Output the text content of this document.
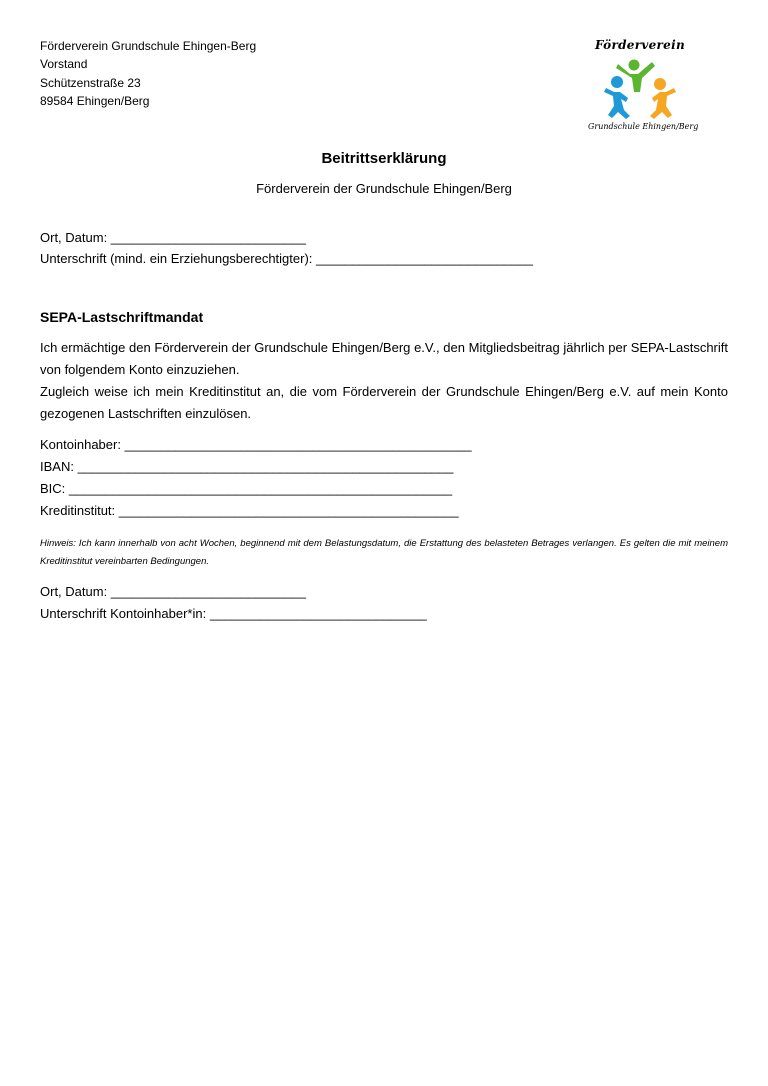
Förderverein Grundschule Ehingen-Berg
Vorstand
Schützenstraße 23
89584 Ehingen/Berg
Förderverein
Grundschule Ehingen/Berg
Beitrittserklärung
Förderverein der Grundschule Ehingen/Berg
Ort, Datum: ___________________________
Unterschrift (mind. ein Erziehungsberechtigter): ______________________________
SEPA-Lastschriftmandat
Ich ermächtige den Förderverein der Grundschule Ehingen/Berg e.V., den Mitgliedsbeitrag jährlich per SEPA-Lastschrift von folgendem Konto einzuziehen.
Zugleich weise ich mein Kreditinstitut an, die vom Förderverein der Grundschule Ehingen/Berg e.V. auf mein Konto gezogenen Lastschriften einzulösen.
Kontoinhaber: ________________________________________________
IBAN: ____________________________________________________
BIC: _____________________________________________________
Kreditinstitut: _______________________________________________
Hinweis: Ich kann innerhalb von acht Wochen, beginnend mit dem Belastungsdatum, die Erstattung des belasteten Betrages verlangen. Es gelten die mit meinem Kreditinstitut vereinbarten Bedingungen.
Ort, Datum: ___________________________
Unterschrift Kontoinhaber*in: ______________________________
